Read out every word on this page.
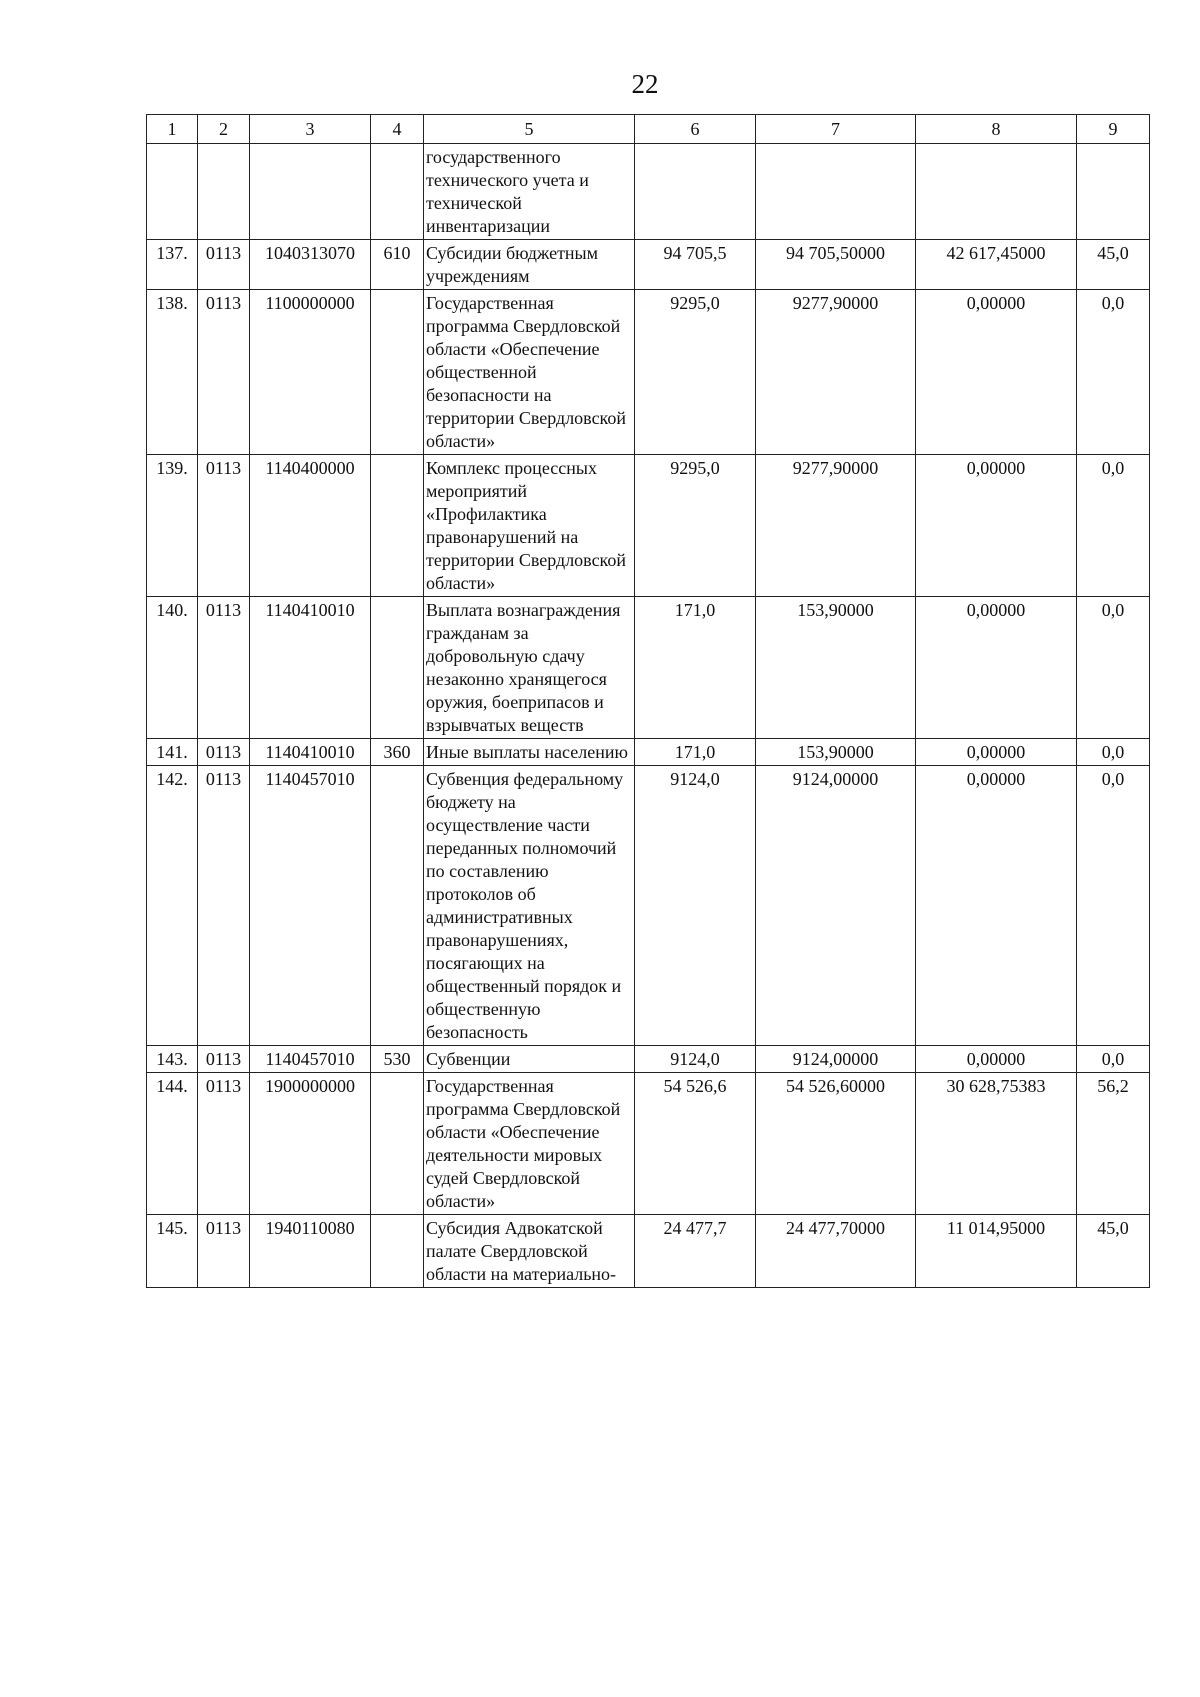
22
1	2	3	4	5	6	7	8	9
				государственного технического учета и технической инвентаризации				
137.	0113	1040313070	610	Субсидии бюджетным учреждениям	94 705,5	94 705,50000	42 617,45000	45,0
138.	0113	1100000000		Государственная программа Свердловской области «Обеспечение общественной безопасности на территории Свердловской области»	9295,0	9277,90000	0,00000	0,0
139.	0113	1140400000		Комплекс процессных мероприятий «Профилактика правонарушений на территории Свердловской области»	9295,0	9277,90000	0,00000	0,0
140.	0113	1140410010		Выплата вознаграждения гражданам за добровольную сдачу незаконно хранящегося оружия, боеприпасов и взрывчатых веществ	171,0	153,90000	0,00000	0,0
141.	0113	1140410010	360	Иные выплаты населению	171,0	153,90000	0,00000	0,0
142.	0113	1140457010		Субвенция федеральному бюджету на осуществление части переданных полномочий по составлению протоколов об административных правонарушениях, посягающих на общественный порядок и общественную безопасность	9124,0	9124,00000	0,00000	0,0
143.	0113	1140457010	530	Субвенции	9124,0	9124,00000	0,00000	0,0
144.	0113	1900000000		Государственная программа Свердловской области «Обеспечение деятельности мировых судей Свердловской области»	54 526,6	54 526,60000	30 628,75383	56,2
145.	0113	1940110080		Субсидия Адвокатской палате Свердловской области на материально-	24 477,7	24 477,70000	11 014,95000	45,0
